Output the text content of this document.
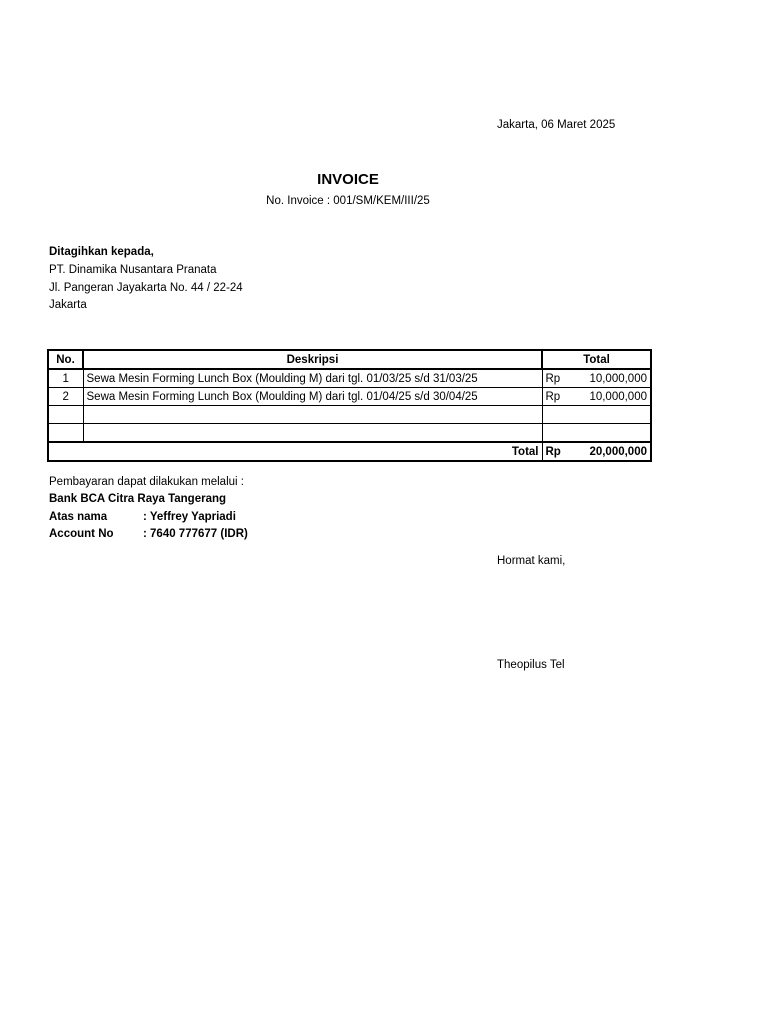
Jakarta, 06 Maret 2025
INVOICE
No. Invoice : 001/SM/KEM/III/25
Ditagihkan kepada,
PT. Dinamika Nusantara Pranata
Jl. Pangeran Jayakarta No. 44 / 22-24
Jakarta
No.	Deskripsi	Total	
1	Sewa Mesin Forming Lunch Box (Moulding M) dari tgl. 01/03/25 s/d 31/03/25	Rp	10,000,000
2	Sewa Mesin Forming Lunch Box (Moulding M) dari tgl. 01/04/25 s/d 30/04/25	Rp	10,000,000

Total		Rp	20,000,000
Pembayaran dapat dilakukan melalui :
Bank BCA Citra Raya Tangerang
Atas nama	: Yeffrey Yapriadi
Account No	: 7640 777677 (IDR)
Hormat kami,
Theopilus Tel
